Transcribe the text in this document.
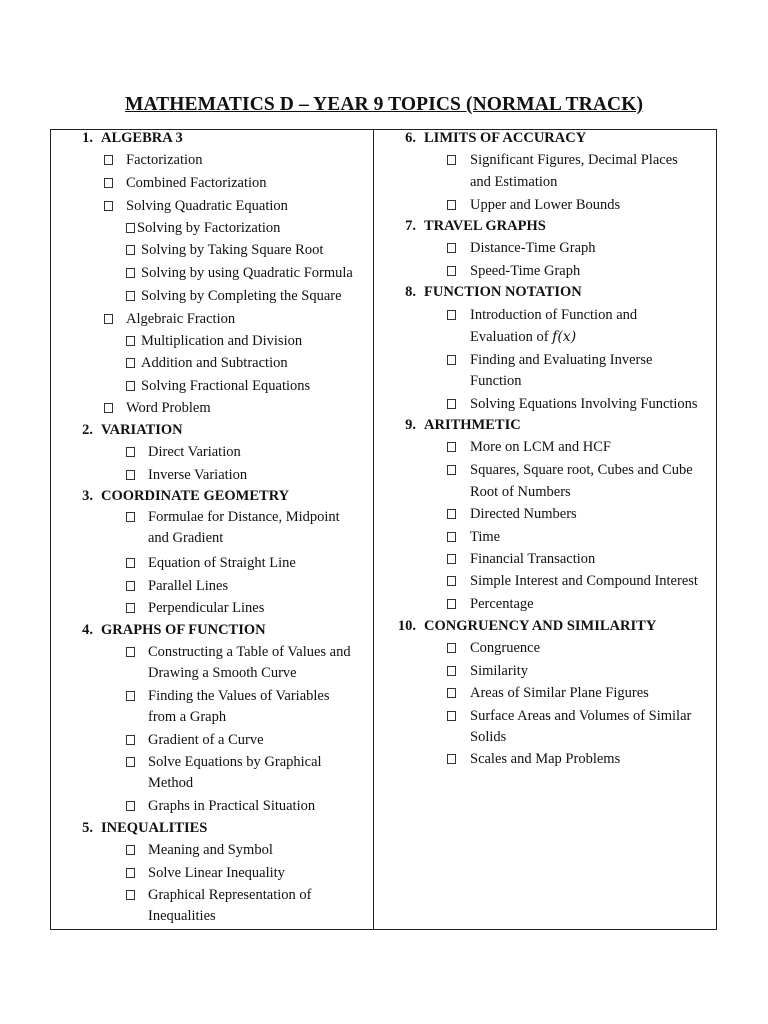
MATHEMATICS D – YEAR 9 TOPICS (NORMAL TRACK)
1. ALGEBRA 3
Factorization
Combined Factorization
Solving Quadratic Equation
Solving by Factorization
Solving by Taking Square Root
Solving by using Quadratic Formula
Solving by Completing the Square
Algebraic Fraction
Multiplication and Division
Addition and Subtraction
Solving Fractional Equations
Word Problem
2. VARIATION
Direct Variation
Inverse Variation
3. COORDINATE GEOMETRY
Formulae for Distance, Midpoint
and Gradient
Equation of Straight Line
Parallel Lines
Perpendicular Lines
4. GRAPHS OF FUNCTION
Constructing a Table of Values and
Drawing a Smooth Curve
Finding the Values of Variables
from a Graph
Gradient of a Curve
Solve Equations by Graphical
Method
Graphs in Practical Situation
5. INEQUALITIES
Meaning and Symbol
Solve Linear Inequality
Graphical Representation of
Inequalities
6. LIMITS OF ACCURACY
Significant Figures, Decimal Places
and Estimation
Upper and Lower Bounds
7. TRAVEL GRAPHS
Distance-Time Graph
Speed-Time Graph
8. FUNCTION NOTATION
Introduction of Function and
Evaluation of f(x)
Finding and Evaluating Inverse
Function
Solving Equations Involving Functions
9. ARITHMETIC
More on LCM and HCF
Squares, Square root, Cubes and Cube
Root of Numbers
Directed Numbers
Time
Financial Transaction
Simple Interest and Compound Interest
Percentage
10. CONGRUENCY AND SIMILARITY
Congruence
Similarity
Areas of Similar Plane Figures
Surface Areas and Volumes of Similar
Solids
Scales and Map Problems
